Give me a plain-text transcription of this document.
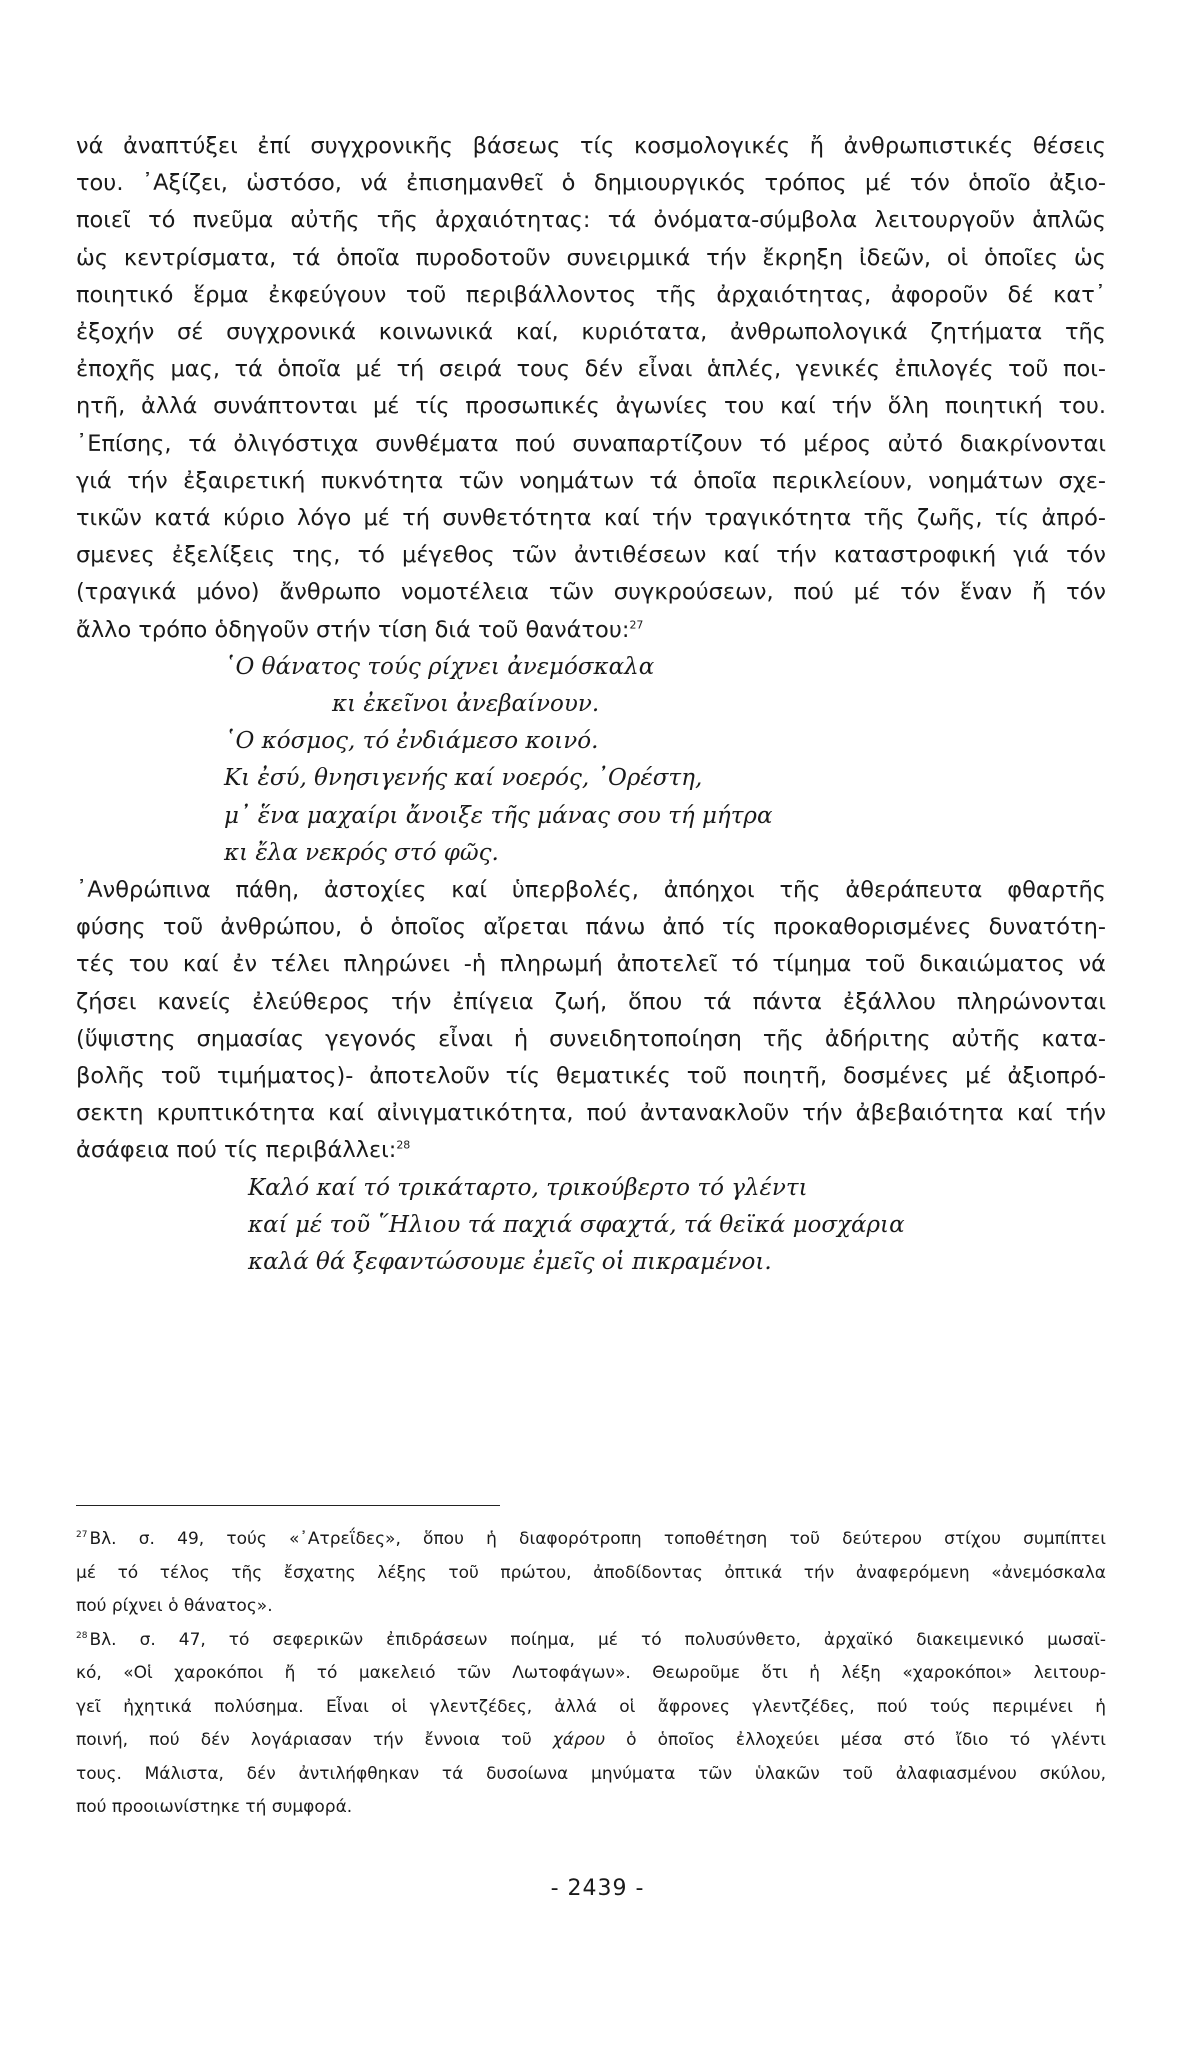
νά ἀναπτύξει ἐπί συγχρονικῆς βάσεως τίς κοσμολογικές ἤ ἀνθρωπιστικές θέσεις
του. ᾿Αξίζει, ὡστόσο, νά ἐπισημανθεῖ ὁ δημιουργικός τρόπος μέ τόν ὁποῖο ἀξιο-
ποιεῖ τό πνεῦμα αὐτῆς τῆς ἀρχαιότητας: τά ὀνόματα-σύμβολα λειτουργοῦν ἁπλῶς
ὡς κεντρίσματα, τά ὁποῖα πυροδοτοῦν συνειρμικά τήν ἔκρηξη ἰδεῶν, οἱ ὁποῖες ὡς
ποιητικό ἕρμα ἐκφεύγουν τοῦ περιβάλλοντος τῆς ἀρχαιότητας, ἀφοροῦν δέ κατ᾿
ἐξοχήν σέ συγχρονικά κοινωνικά καί, κυριότατα, ἀνθρωπολογικά ζητήματα τῆς
ἐποχῆς μας, τά ὁποῖα μέ τή σειρά τους δέν εἶναι ἁπλές, γενικές ἐπιλογές τοῦ ποι-
ητῆ, ἀλλά συνάπτονται μέ τίς προσωπικές ἀγωνίες του καί τήν ὅλη ποιητική του.
᾿Επίσης, τά ὀλιγόστιχα συνθέματα πού συναπαρτίζουν τό μέρος αὐτό διακρίνονται
γιά τήν ἐξαιρετική πυκνότητα τῶν νοημάτων τά ὁποῖα περικλείουν, νοημάτων σχε-
τικῶν κατά κύριο λόγο μέ τή συνθετότητα καί τήν τραγικότητα τῆς ζωῆς, τίς ἀπρό-
σμενες ἐξελίξεις της, τό μέγεθος τῶν ἀντιθέσεων καί τήν καταστροφική γιά τόν
(τραγικά μόνο) ἄνθρωπο νομοτέλεια τῶν συγκρούσεων, πού μέ τόν ἕναν ἤ τόν
ἄλλο τρόπο ὁδηγοῦν στήν τίση διά τοῦ θανάτου:$^{27}$

῾Ο θάνατος τούς ρίχνει ἀνεμόσκαλα
κι ἐκεῖνοι ἀνεβαίνουν.
῾Ο κόσμος, τό ἐνδιάμεσο κοινό.
Κι ἐσύ, θνησιγενής καί νοερός, ᾿Ορέστη,
μ᾿ ἕνα μαχαίρι ἄνοιξε τῆς μάνας σου τή μήτρα
κι ἔλα νεκρός στό φῶς.

᾿Ανθρώπινα πάθη, ἀστοχίες καί ὑπερβολές, ἀπόηχοι τῆς ἀθεράπευτα φθαρτῆς
φύσης τοῦ ἀνθρώπου, ὁ ὁποῖος αἴρεται πάνω ἀπό τίς προκαθορισμένες δυνατότη-
τές του καί ἐν τέλει πληρώνει -ἡ πληρωμή ἀποτελεῖ τό τίμημα τοῦ δικαιώματος νά
ζήσει κανείς ἐλεύθερος τήν ἐπίγεια ζωή, ὅπου τά πάντα ἐξάλλου πληρώνονται
(ὕψιστης σημασίας γεγονός εἶναι ἡ συνειδητοποίηση τῆς ἀδήριτης αὐτῆς κατα-
βολῆς τοῦ τιμήματος)- ἀποτελοῦν τίς θεματικές τοῦ ποιητῆ, δοσμένες μέ ἀξιοπρό-
σεκτη κρυπτικότητα καί αἰνιγματικότητα, πού ἀντανακλοῦν τήν ἀβεβαιότητα καί τήν
ἀσάφεια πού τίς περιβάλλει:$^{28}$

Καλό καί τό τρικάταρτο, τρικούβερτο τό γλέντι
καί μέ τοῦ ῞Ηλιου τά παχιά σφαχτά, τά θεϊκά μοσχάρια
καλά θά ξεφαντώσουμε ἐμεῖς οἱ πικραμένοι.
$^{27}$ Βλ. σ. 49, τούς «᾿Ατρεΐδες», ὅπου ἡ διαφορότροπη τοποθέτηση τοῦ δεύτερου στίχου συμπίπτει
μέ τό τέλος τῆς ἔσχατης λέξης τοῦ πρώτου, ἀποδίδοντας ὀπτικά τήν ἀναφερόμενη «ἀνεμόσκαλα
πού ρίχνει ὁ θάνατος».
$^{28}$ Βλ. σ. 47, τό σεφερικῶν ἐπιδράσεων ποίημα, μέ τό πολυσύνθετο, ἀρχαϊκό διακειμενικό μωσαϊ-
κό, «Οἱ χαροκόποι ἤ τό μακελειό τῶν Λωτοφάγων». Θεωροῦμε ὅτι ἡ λέξη «χαροκόποι» λειτουρ-
γεῖ ἠχητικά πολύσημα. Εἶναι οἱ γλεντζέδες, ἀλλά οἱ ἄφρονες γλεντζέδες, πού τούς περιμένει ἡ
ποινή, πού δέν λογάριασαν τήν ἔννοια τοῦ χάρου ὁ ὁποῖος ἐλλοχεύει μέσα στό ἴδιο τό γλέντι
τους. Μάλιστα, δέν ἀντιλήφθηκαν τά δυσοίωνα μηνύματα τῶν ὑλακῶν τοῦ ἀλαφιασμένου σκύλου,
πού προοιωνίστηκε τή συμφορά.
- 2439 -
